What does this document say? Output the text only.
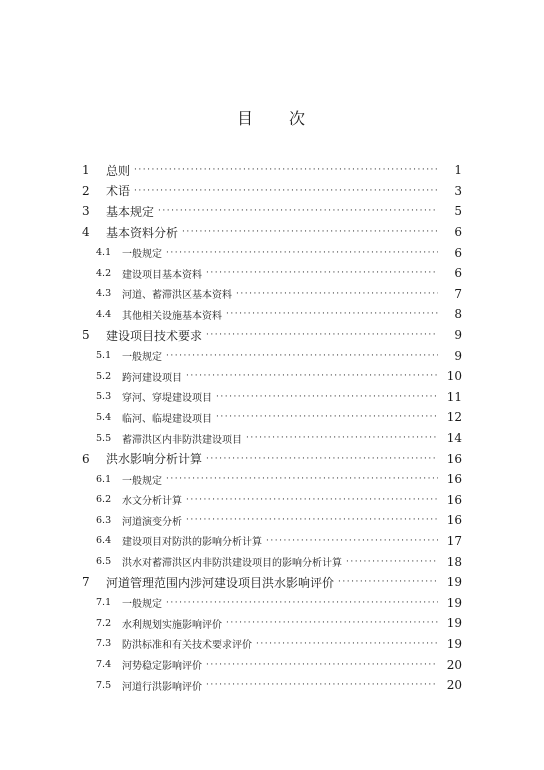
目 次
1	总则 ·····	1
2	术语 ·····	3
3	基本规定 ·····	5
4	基本资料分析 ·····	6
4.1	一般规定 ·····	6
4.2	建设项目基本资料 ·····	6
4.3	河道、蓄滞洪区基本资料 ·····	7
4.4	其他相关设施基本资料 ·····	8
5	建设项目技术要求 ·····	9
5.1	一般规定 ·····	9
5.2	跨河建设项目 ·····	10
5.3	穿河、穿堤建设项目 ·····	11
5.4	临河、临堤建设项目 ·····	12
5.5	蓄滞洪区内非防洪建设项目 ·····	14
6	洪水影响分析计算 ·····	16
6.1	一般规定 ·····	16
6.2	水文分析计算 ·····	16
6.3	河道演变分析 ·····	16
6.4	建设项目对防洪的影响分析计算 ·····	17
6.5	洪水对蓄滞洪区内非防洪建设项目的影响分析计算 ·····	18
7	河道管理范围内涉河建设项目洪水影响评价 ·····	19
7.1	一般规定 ·····	19
7.2	水利规划实施影响评价 ·····	19
7.3	防洪标准和有关技术要求评价 ·····	19
7.4	河势稳定影响评价 ·····	20
7.5	河道行洪影响评价 ·····	20
